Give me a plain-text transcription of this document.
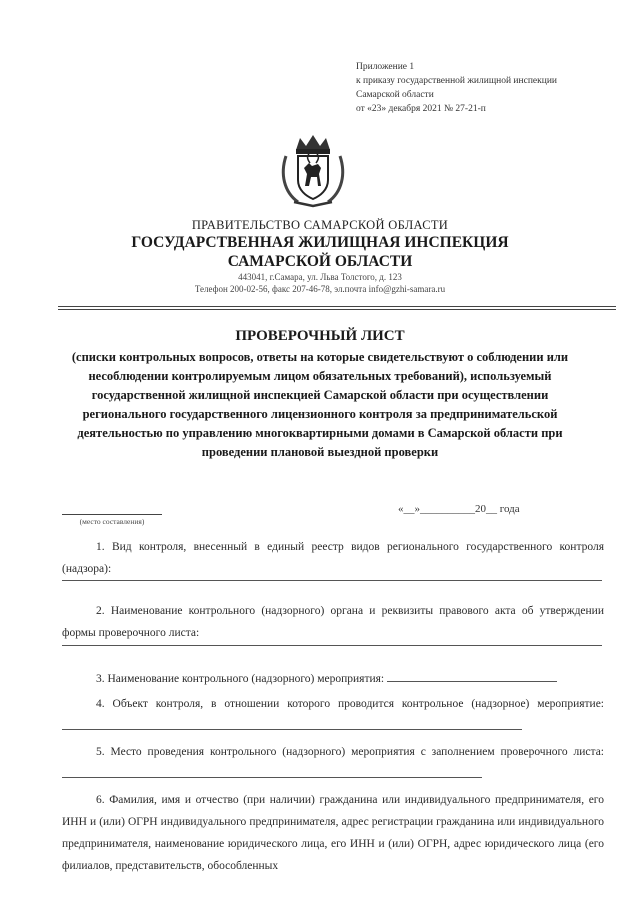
Приложение 1
к приказу государственной жилищной инспекции
Самарской области
от «23» декабря 2021 № 27-21-п
ПРАВИТЕЛЬСТВО САМАРСКОЙ ОБЛАСТИ
ГОСУДАРСТВЕННАЯ ЖИЛИЩНАЯ ИНСПЕКЦИЯ
САМАРСКОЙ ОБЛАСТИ
443041, г.Самара, ул. Льва Толстого, д. 123
Телефон 200-02-56, факс 207-46-78, эл.почта info@gzhi-samara.ru
ПРОВЕРОЧНЫЙ ЛИСТ
(списки контрольных вопросов, ответы на которые свидетельствуют о соблюдении или несоблюдении контролируемым лицом обязательных требований), используемый государственной жилищной инспекцией Самарской области при осуществлении регионального государственного лицензионного контроля за предпринимательской деятельностью по управлению многоквартирными домами в Самарской области при проведении плановой выездной проверки
(место составления)
«__»__________20__ года
1. Вид контроля, внесенный в единый реестр видов регионального государственного контроля (надзора):
2. Наименование контрольного (надзорного) органа и реквизиты правового акта об утверждении формы проверочного листа:
3. Наименование контрольного (надзорного) мероприятия:
4. Объект контроля, в отношении которого проводится контрольное (надзорное) мероприятие:
5. Место проведения контрольного (надзорного) мероприятия с заполнением проверочного листа:
6. Фамилия, имя и отчество (при наличии) гражданина или индивидуального предпринимателя, его ИНН и (или) ОГРН индивидуального предпринимателя, адрес регистрации гражданина или индивидуального предпринимателя, наименование юридического лица, его ИНН и (или) ОГРН, адрес юридического лица (его филиалов, представительств, обособленных
